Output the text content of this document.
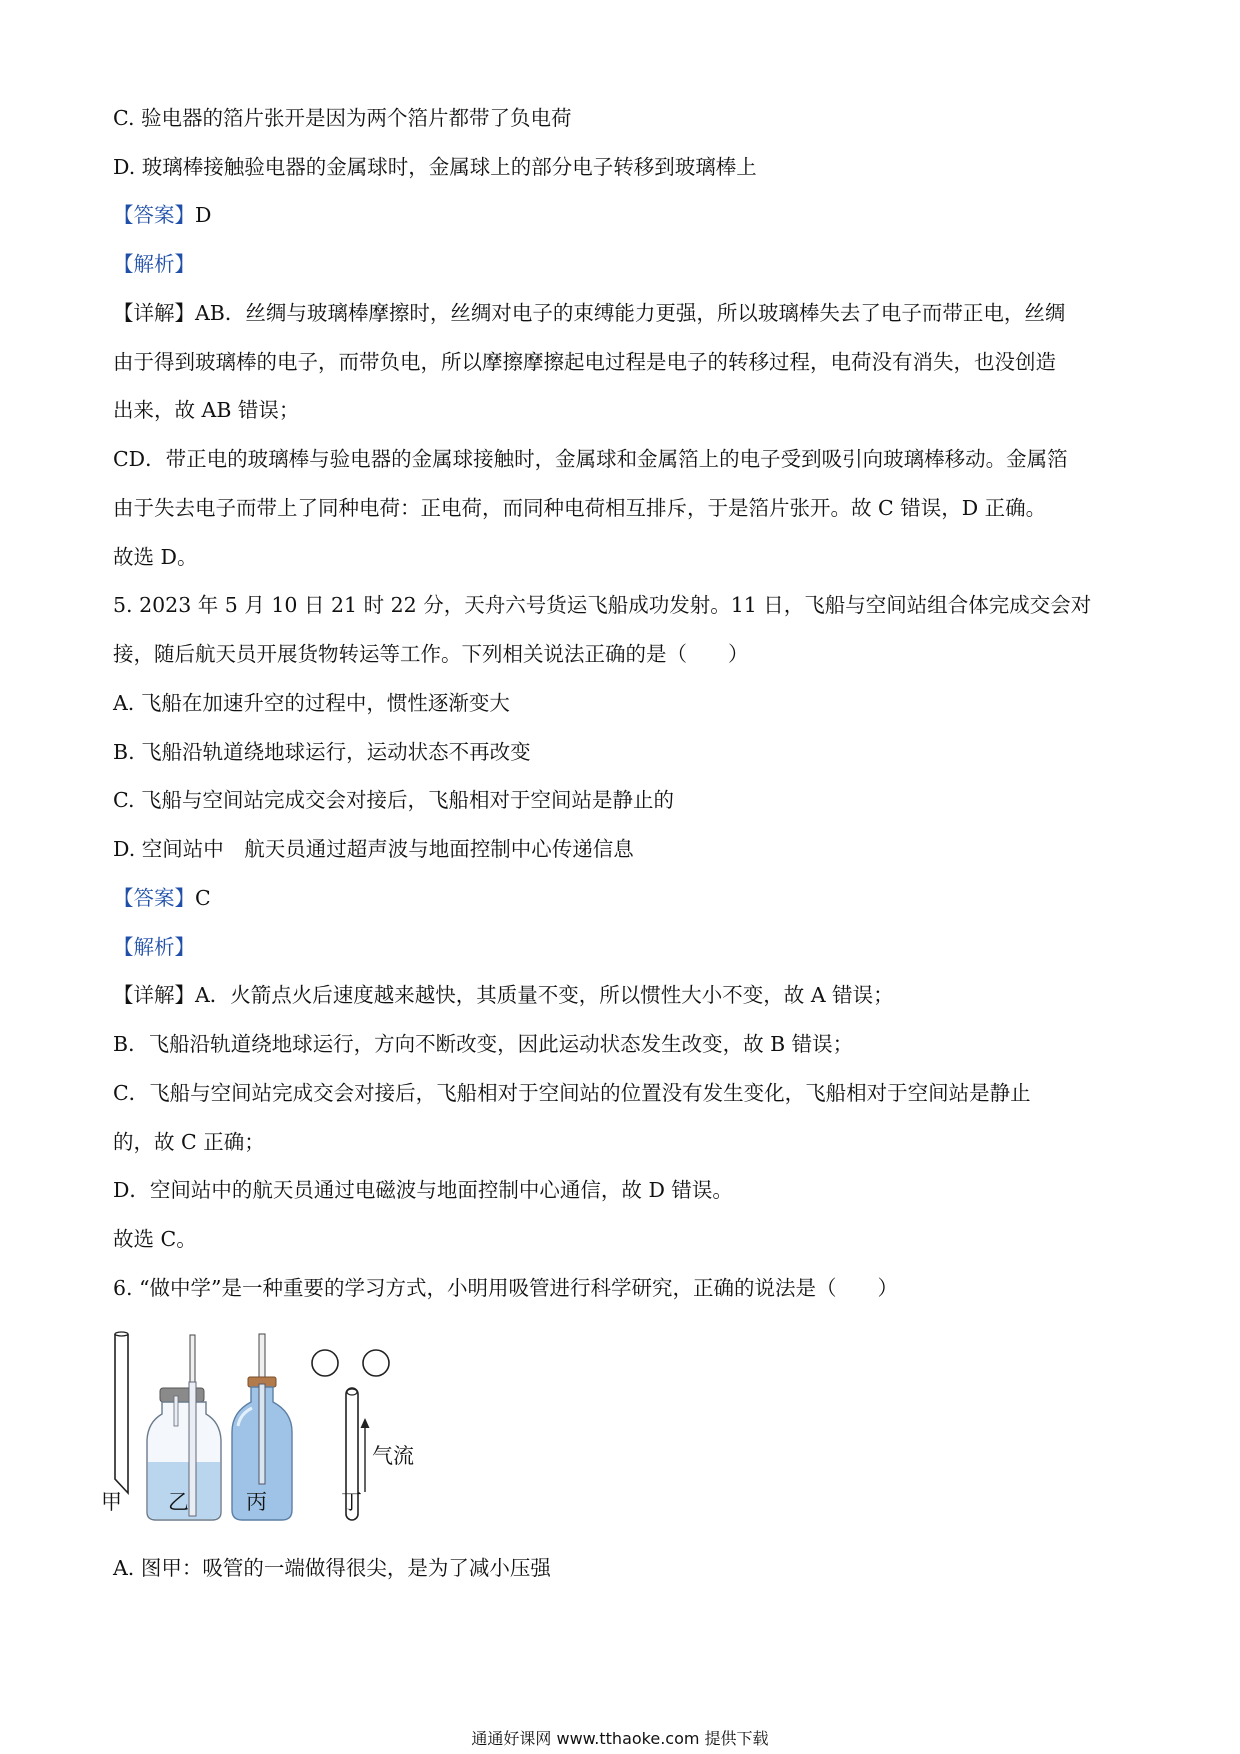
C. 验电器的箔片张开是因为两个箔片都带了负电荷
D. 玻璃棒接触验电器的金属球时，金属球上的部分电子转移到玻璃棒上
【答案】D
【解析】
【详解】AB．丝绸与玻璃棒摩擦时，丝绸对电子的束缚能力更强，所以玻璃棒失去了电子而带正电，丝绸
由于得到玻璃棒的电子，而带负电，所以摩擦摩擦起电过程是电子的转移过程，电荷没有消失，也没创造
出来，故 AB 错误；
CD．带正电的玻璃棒与验电器的金属球接触时，金属球和金属箔上的电子受到吸引向玻璃棒移动。金属箔
由于失去电子而带上了同种电荷：正电荷，而同种电荷相互排斥，于是箔片张开。故 C 错误，D 正确。
故选 D。
5. 2023 年 5 月 10 日 21 时 22 分，天舟六号货运飞船成功发射。11 日，飞船与空间站组合体完成交会对
接，随后航天员开展货物转运等工作。下列相关说法正确的是（　　）
A. 飞船在加速升空的过程中，惯性逐渐变大
B. 飞船沿轨道绕地球运行，运动状态不再改变
C. 飞船与空间站完成交会对接后，飞船相对于空间站是静止的
D. 空间站中　航天员通过超声波与地面控制中心传递信息
【答案】C
【解析】
【详解】A．火箭点火后速度越来越快，其质量不变，所以惯性大小不变，故 A 错误；
B．飞船沿轨道绕地球运行，方向不断改变，因此运动状态发生改变，故 B 错误；
C．飞船与空间站完成交会对接后，飞船相对于空间站的位置没有发生变化，飞船相对于空间站是静止
的，故 C 正确；
D．空间站中的航天员通过电磁波与地面控制中心通信，故 D 错误。
故选 C。
6. “做中学”是一种重要的学习方式，小明用吸管进行科学研究，正确的说法是（　　）
甲 乙	丙	丁
气流
A. 图甲：吸管的一端做得很尖，是为了减小压强
通通好课网 www.tthaoke.com 提供下载
